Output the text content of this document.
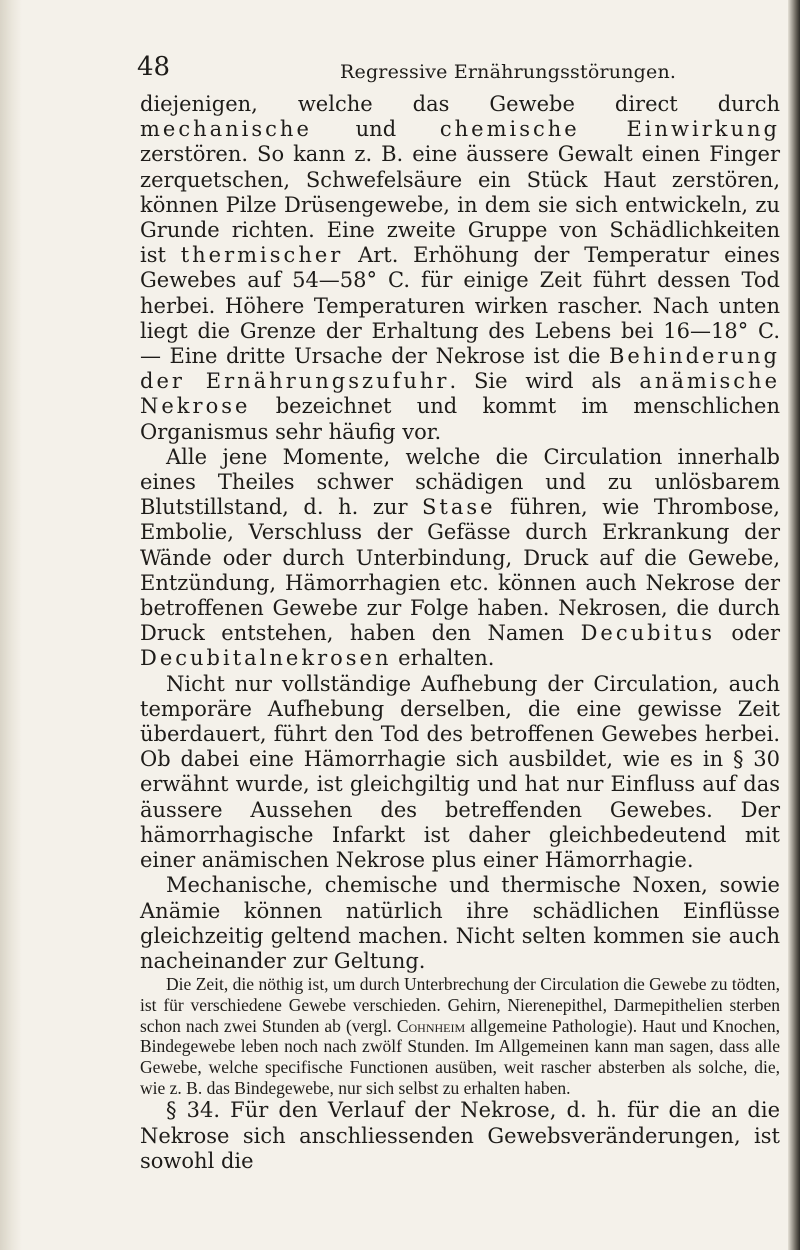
48	Regressive Ernährungsstörungen.

diejenigen, welche das Gewebe direct durch mechanische und chemische Einwirkung zerstören. So kann z. B. eine äussere Gewalt einen Finger zerquetschen, Schwefelsäure ein Stück Haut zerstören, können Pilze Drüsengewebe, in dem sie sich entwickeln, zu Grunde richten. Eine zweite Gruppe von Schädlichkeiten ist thermischer Art. Erhöhung der Temperatur eines Gewebes auf 54—58° C. für einige Zeit führt dessen Tod herbei. Höhere Temperaturen wirken rascher. Nach unten liegt die Grenze der Erhaltung des Lebens bei 16—18° C. — Eine dritte Ursache der Nekrose ist die Behinderung der Ernährungszufuhr. Sie wird als anämische Nekrose bezeichnet und kommt im menschlichen Organismus sehr häufig vor.

Alle jene Momente, welche die Circulation innerhalb eines Theiles schwer schädigen und zu unlösbarem Blutstillstand, d. h. zur Stase führen, wie Thrombose, Embolie, Verschluss der Gefässe durch Erkrankung der Wände oder durch Unterbindung, Druck auf die Gewebe, Entzündung, Hämorrhagien etc. können auch Nekrose der betroffenen Gewebe zur Folge haben. Nekrosen, die durch Druck entstehen, haben den Namen Decubitus oder Decubitalnekrosen erhalten.

Nicht nur vollständige Aufhebung der Circulation, auch temporäre Aufhebung derselben, die eine gewisse Zeit überdauert, führt den Tod des betroffenen Gewebes herbei. Ob dabei eine Hämorrhagie sich ausbildet, wie es in § 30 erwähnt wurde, ist gleichgiltig und hat nur Einfluss auf das äussere Aussehen des betreffenden Gewebes. Der hämorrhagische Infarkt ist daher gleichbedeutend mit einer anämischen Nekrose plus einer Hämorrhagie.

Mechanische, chemische und thermische Noxen, sowie Anämie können natürlich ihre schädlichen Einflüsse gleichzeitig geltend machen. Nicht selten kommen sie auch nacheinander zur Geltung.

Die Zeit, die nöthig ist, um durch Unterbrechung der Circulation die Gewebe zu tödten, ist für verschiedene Gewebe verschieden. Gehirn, Nierenepithel, Darmepithelien sterben schon nach zwei Stunden ab (vergl. Cohnheim allgemeine Pathologie). Haut und Knochen, Bindegewebe leben noch nach zwölf Stunden. Im Allgemeinen kann man sagen, dass alle Gewebe, welche specifische Functionen ausüben, weit rascher absterben als solche, die, wie z. B. das Bindegewebe, nur sich selbst zu erhalten haben.

§ 34. Für den Verlauf der Nekrose, d. h. für die an die Nekrose sich anschliessenden Gewebsveränderungen, ist sowohl die
